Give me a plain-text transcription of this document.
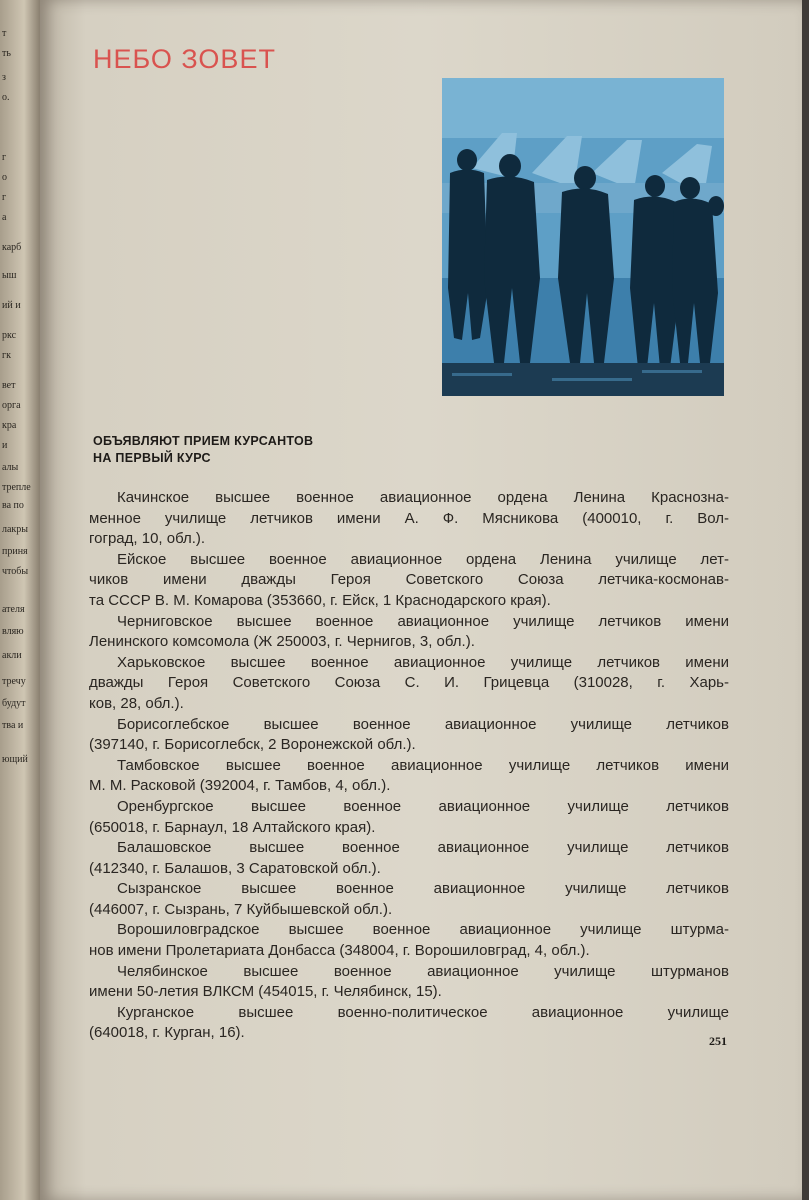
т
ть
з
о.
г
о
г
а
карб
ыш
ий и
ркс
гк
вет
орга
кра
и
алы
трепле
ва по
лакры
приня
чтобы
ателя
вляю
акли
тречу
будут
тва и
ющий
НЕБО ЗОВЕТ
ОБЪЯВЛЯЮТ ПРИЕМ КУРСАНТОВ
НА ПЕРВЫЙ КУРС
Качинское высшее военное авиационное ордена Ленина Краснозна-
менное училище летчиков имени А. Ф. Мясникова (400010, г. Вол-
гоград, 10, обл.).
Ейское высшее военное авиационное ордена Ленина училище лет-
чиков имени дважды Героя Советского Союза летчика-космонав-
та СССР В. М. Комарова (353660, г. Ейск, 1 Краснодарского края).
Черниговское высшее военное авиационное училище летчиков имени
Ленинского комсомола (Ж 250003, г. Чернигов, 3, обл.).
Харьковское высшее военное авиационное училище летчиков имени
дважды Героя Советского Союза С. И. Грицевца (310028, г. Харь-
ков, 28, обл.).
Борисоглебское высшее военное авиационное училище летчиков
(397140, г. Борисоглебск, 2 Воронежской обл.).
Тамбовское высшее военное авиационное училище летчиков имени
М. М. Расковой (392004, г. Тамбов, 4, обл.).
Оренбургское высшее военное авиационное училище летчиков
(650018, г. Барнаул, 18 Алтайского края).
Балашовское высшее военное авиационное училище летчиков
(412340, г. Балашов, 3 Саратовской обл.).
Сызранское высшее военное авиационное училище летчиков
(446007, г. Сызрань, 7 Куйбышевской обл.).
Ворошиловградское высшее военное авиационное училище штурма-
нов имени Пролетариата Донбасса (348004, г. Ворошиловград, 4, обл.).
Челябинское высшее военное авиационное училище штурманов
имени 50-летия ВЛКСМ (454015, г. Челябинск, 15).
Курганское высшее военно-политическое авиационное училище
(640018, г. Курган, 16).	251
